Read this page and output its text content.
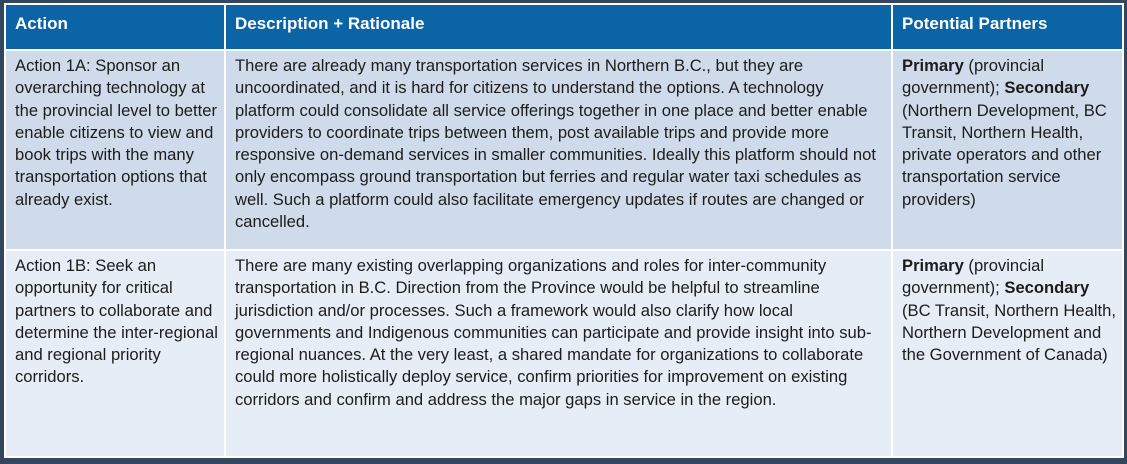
Action	Description + Rationale	Potential Partners
Action 1A: Sponsor an overarching technology at the provincial level to better enable citizens to view and book trips with the many transportation options that already exist.	There are already many transportation services in Northern B.C., but they are uncoordinated, and it is hard for citizens to understand the options. A technology platform could consolidate all service offerings together in one place and better enable providers to coordinate trips between them, post available trips and provide more responsive on-demand services in smaller communities. Ideally this platform should not only encompass ground transportation but ferries and regular water taxi schedules as well. Such a platform could also facilitate emergency updates if routes are changed or cancelled.	Primary (provincial government); Secondary (Northern Development, BC Transit, Northern Health, private operators and other transportation service providers)
Action 1B: Seek an opportunity for critical partners to collaborate and determine the inter-regional and regional priority corridors.	There are many existing overlapping organizations and roles for inter-community transportation in B.C. Direction from the Province would be helpful to streamline jurisdiction and/or processes. Such a framework would also clarify how local governments and Indigenous communities can participate and provide insight into sub-regional nuances. At the very least, a shared mandate for organizations to collaborate could more holistically deploy service, confirm priorities for improvement on existing corridors and confirm and address the major gaps in service in the region.	Primary (provincial government); Secondary (BC Transit, Northern Health, Northern Development and the Government of Canada)
